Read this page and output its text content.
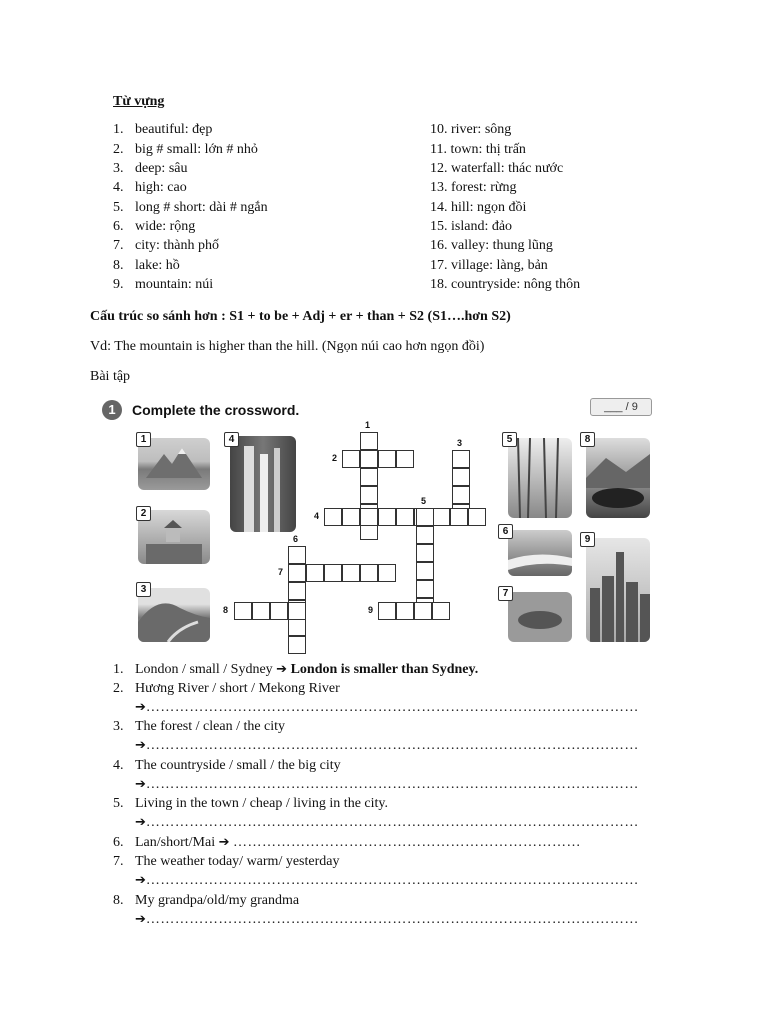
Từ vựng
1. beautiful: đẹp
2. big # small: lớn # nhỏ
3. deep: sâu
4. high: cao
5. long # short: dài # ngắn
6. wide: rộng
7. city: thành phố
8. lake: hồ
9. mountain: núi
10. river: sông
11. town: thị trấn
12. waterfall: thác nước
13. forest: rừng
14. hill: ngọn đồi
15. island: đảo
16. valley: thung lũng
17. village: làng, bản
18. countryside: nông thôn
Cấu trúc so sánh hơn : S1 + to be + Adj + er + than + S2 (S1….hơn S2)
Vd: The mountain is higher than the hill. (Ngọn núi cao hơn ngọn đồi)
Bài tập
1	Complete the crossword.	___ / 9
1
2
3
4	5
6
7
8
9
1
2
3
4
5
6
7
8	9
1. London / small / Sydney ➔ London is smaller than Sydney.
2. Hương River / short / Mekong River
➔…………………………………………………………………………………………
3. The forest / clean / the city
➔…………………………………………………………………………………………
4. The countryside / small / the big city
➔…………………………………………………………………………………………
5. Living in the town / cheap / living in the city.
➔…………………………………………………………………………………………
6. Lan/short/Mai ➔ ………………………………………………………………
7. The weather today/ warm/ yesterday
➔…………………………………………………………………………………………
8. My grandpa/old/my grandma
➔…………………………………………………………………………………………
